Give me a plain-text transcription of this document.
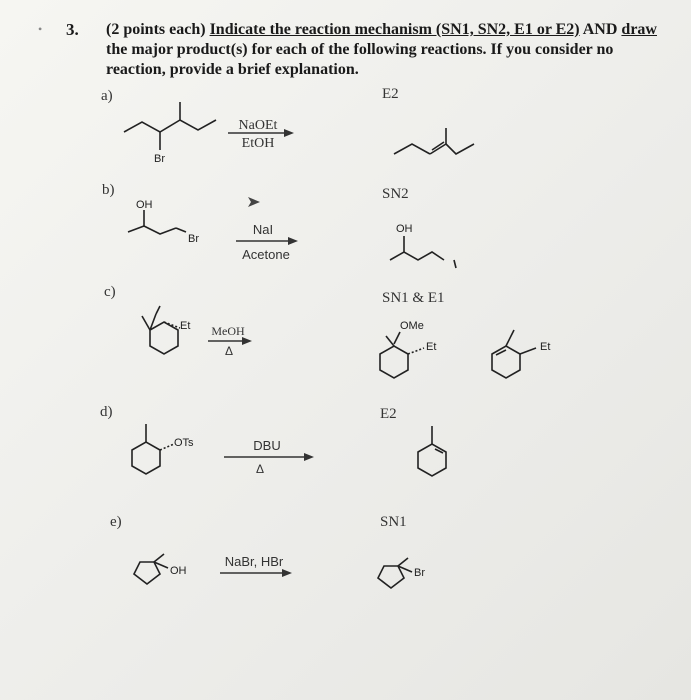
• 3. (2 points each) Indicate the reaction mechanism (SN1, SN2, E1 or E2) AND draw the major product(s) for each of the following reactions. If you consider no reaction, provide a brief explanation.
a)	E2
Br
NaOEt
EtOH
b)	SN2
OH
Br
NaI
Acetone
OH
c)	SN1 & E1
Et	MeOH
Δ
OMe
Et	Et
d)	E2
OTs	DBU
Δ
e)	SN1
OH
NaBr, HBr
Br
